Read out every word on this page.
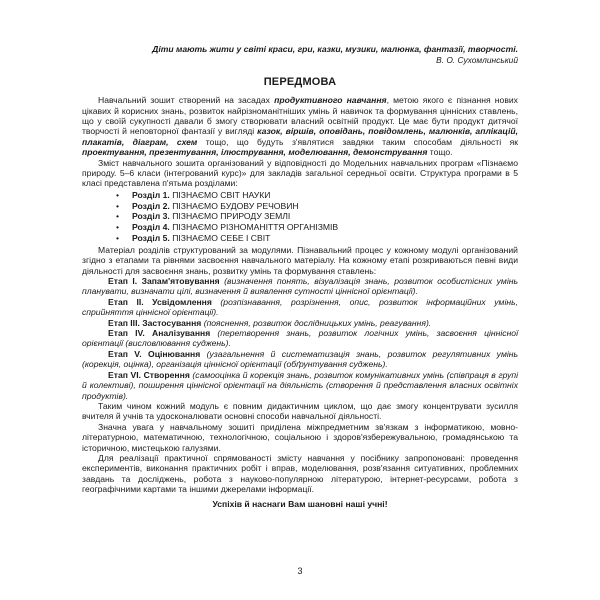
Діти мають жити у світі краси, гри, казки, музики, малюнка, фантазії, творчості.
В. О. Сухомлинський
ПЕРЕДМОВА

Навчальний зошит створений на засадах продуктивного навчання, метою якого є пізнання нових цікавих й корисних знань, розвиток найрізноманітніших умінь й навичок та формування ціннісних ставлень, що у своїй сукупності давали б змогу створювати власний освітній продукт. Це має бути продукт дитячої творчості й неповторної фантазії у вигляді казок, віршів, оповідань, повідомлень, малюнків, аплікацій, плакатів, діаграм, схем тощо, що будуть з'являтися завдяки таким способам діяльності як проектування, презентування, ілюстрування, моделювання, демонстрування тощо.

Зміст навчального зошита організований у відповідності до Модельних навчальних програм «Пізнаємо природу. 5–6 класи (інтегрований курс)» для закладів загальної середньої освіти. Структура програми в 5 класі представлена п'ятьма розділами:

• Розділ 1. ПІЗНАЄМО СВІТ НАУКИ
• Розділ 2. ПІЗНАЄМО БУДОВУ РЕЧОВИН
• Розділ 3. ПІЗНАЄМО ПРИРОДУ ЗЕМЛІ
• Розділ 4. ПІЗНАЄМО РІЗНОМАНІТТЯ ОРГАНІЗМІВ
• Розділ 5. ПІЗНАЄМО СЕБЕ І СВІТ

Матеріал розділів структурований за модулями. Пізнавальний процес у кожному модулі організований згідно з етапами та рівнями засвоєння навчального матеріалу. На кожному етапі розкриваються певні види діяльності для засвоєння знань, розвитку умінь та формування ставлень:

Етап І. Запам'ятовування (визначення понять, візуалізація знань, розвиток особистісних умінь планувати, визначати цілі, визначення й виявлення сутності ціннісної орієнтації).

Етап ІІ. Усвідомлення (розпізнавання, розрізнення, опис, розвиток інформаційних умінь, сприйняття ціннісної орієнтації).

Етап ІІІ. Застосування (пояснення, розвиток дослідницьких умінь, реагування).

Етап IV. Аналізування (перетворення знань, розвиток логічних умінь, засвоєння ціннісної орієнтації (висловлювання суджень).

Етап V. Оцінювання (узагальнення й систематизація знань, розвиток регулятивних умінь (корекція, оцінка), організація ціннісної орієнтації (обґрунтування суджень).

Етап VI. Створення (самооцінка й корекція знань, розвиток комунікативних умінь (співпраця в групі й колективі), поширення ціннісної орієнтації на діяльність (створення й представлення власних освітніх продуктів).

Таким чином кожний модуль є повним дидактичним циклом, що дає змогу концентрувати зусилля вчителя й учнів та удосконалювати основні способи навчальної діяльності.

Значна увага у навчальному зошиті приділена міжпредметним зв'язкам з інформатикою, мовно-літературною, математичною, технологічною, соціальною і здоров'язбережувальною, громадянською та історичною, мистецькою галузями.

Для реалізації практичної спрямованості змісту навчання у посібнику запропоновані: проведення експериментів, виконання практичних робіт і вправ, моделювання, розв'язання ситуативних, проблемних завдань та досліджень, робота з науково-популярною літературою, інтернет-ресурсами, робота з географічними картами та іншими джерелами інформації.

Успіхів й наснаги Вам шановні наші учні!
3
